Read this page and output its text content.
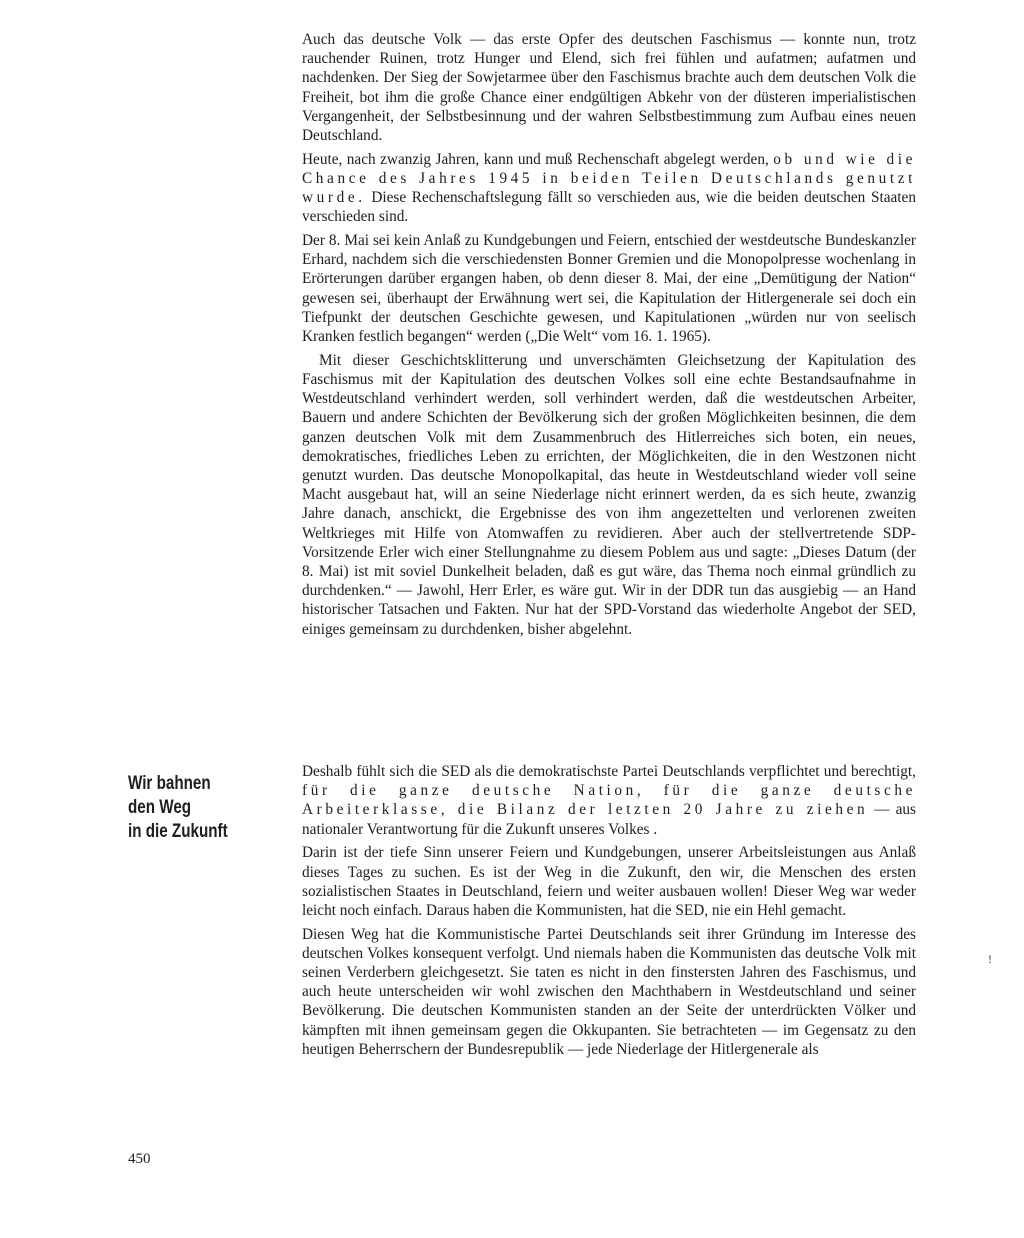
Auch das deutsche Volk — das erste Opfer des deutschen Faschismus — konnte nun, trotz rauchender Ruinen, trotz Hunger und Elend, sich frei fühlen und aufatmen; aufatmen und nachdenken. Der Sieg der Sowjetarmee über den Faschismus brachte auch dem deutschen Volk die Freiheit, bot ihm die große Chance einer endgültigen Abkehr von der düsteren imperialistischen Vergangenheit, der Selbstbesinnung und der wahren Selbstbestimmung zum Aufbau eines neuen Deutschland.

Heute, nach zwanzig Jahren, kann und muß Rechenschaft abgelegt werden, ob und wie die Chance des Jahres 1945 in beiden Teilen Deutschlands genutzt wurde. Diese Rechenschaftslegung fällt so verschieden aus, wie die beiden deutschen Staaten verschieden sind.

Der 8. Mai sei kein Anlaß zu Kundgebungen und Feiern, entschied der westdeutsche Bundeskanzler Erhard, nachdem sich die verschiedensten Bonner Gremien und die Monopolpresse wochenlang in Erörterungen darüber ergangen haben, ob denn dieser 8. Mai, der eine „Demütigung der Nation“ gewesen sei, überhaupt der Erwähnung wert sei, die Kapitulation der Hitlergenerale sei doch ein Tiefpunkt der deutschen Geschichte gewesen, und Kapitulationen „würden nur von seelisch Kranken festlich begangen“ werden („Die Welt“ vom 16. 1. 1965).

Mit dieser Geschichtsklitterung und unverschämten Gleichsetzung der Kapitulation des Faschismus mit der Kapitulation des deutschen Volkes soll eine echte Bestandsaufnahme in Westdeutschland verhindert werden, soll verhindert werden, daß die westdeutschen Arbeiter, Bauern und andere Schichten der Bevölkerung sich der großen Möglichkeiten besinnen, die dem ganzen deutschen Volk mit dem Zusammenbruch des Hitlerreiches sich boten, ein neues, demokratisches, friedliches Leben zu errichten, der Möglichkeiten, die in den Westzonen nicht genutzt wurden. Das deutsche Monopolkapital, das heute in Westdeutschland wieder voll seine Macht ausgebaut hat, will an seine Niederlage nicht erinnert werden, da es sich heute, zwanzig Jahre danach, anschickt, die Ergebnisse des von ihm angezettelten und verlorenen zweiten Weltkrieges mit Hilfe von Atomwaffen zu revidieren. Aber auch der stellvertretende SDP-Vorsitzende Erler wich einer Stellungnahme zu diesem Poblem aus und sagte: „Dieses Datum (der 8. Mai) ist mit soviel Dunkelheit beladen, daß es gut wäre, das Thema noch einmal gründlich zu durchdenken.“ — Jawohl, Herr Erler, es wäre gut. Wir in der DDR tun das ausgiebig — an Hand historischer Tatsachen und Fakten. Nur hat der SPD-Vorstand das wiederholte Angebot der SED, einiges gemeinsam zu durchdenken, bisher abgelehnt.

Wir bahnen
den Weg
in die Zukunft

Deshalb fühlt sich die SED als die demokratischste Partei Deutschlands verpflichtet und berechtigt, für die ganze deutsche Nation, für die ganze deutsche Arbeiterklasse, die Bilanz der letzten 20 Jahre zu ziehen — aus nationaler Verantwortung für die Zukunft unseres Volkes .

Darin ist der tiefe Sinn unserer Feiern und Kundgebungen, unserer Arbeitsleistungen aus Anlaß dieses Tages zu suchen. Es ist der Weg in die Zukunft, den wir, die Menschen des ersten sozialistischen Staates in Deutschland, feiern und weiter ausbauen wollen! Dieser Weg war weder leicht noch einfach. Daraus haben die Kommunisten, hat die SED, nie ein Hehl gemacht.

Diesen Weg hat die Kommunistische Partei Deutschlands seit ihrer Gründung im Interesse des deutschen Volkes konsequent verfolgt. Und niemals haben die Kommunisten das deutsche Volk mit seinen Verderbern gleichgesetzt. Sie taten es nicht in den finstersten Jahren des Faschismus, und auch heute unterscheiden wir wohl zwischen den Machthabern in Westdeutschland und seiner Bevölkerung. Die deutschen Kommunisten standen an der Seite der unterdrückten Völker und kämpften mit ihnen gemeinsam gegen die Okkupanten. Sie betrachteten — im Gegensatz zu den heutigen Beherrschern der Bundesrepublik — jede Niederlage der Hitlergenerale als

!
450
